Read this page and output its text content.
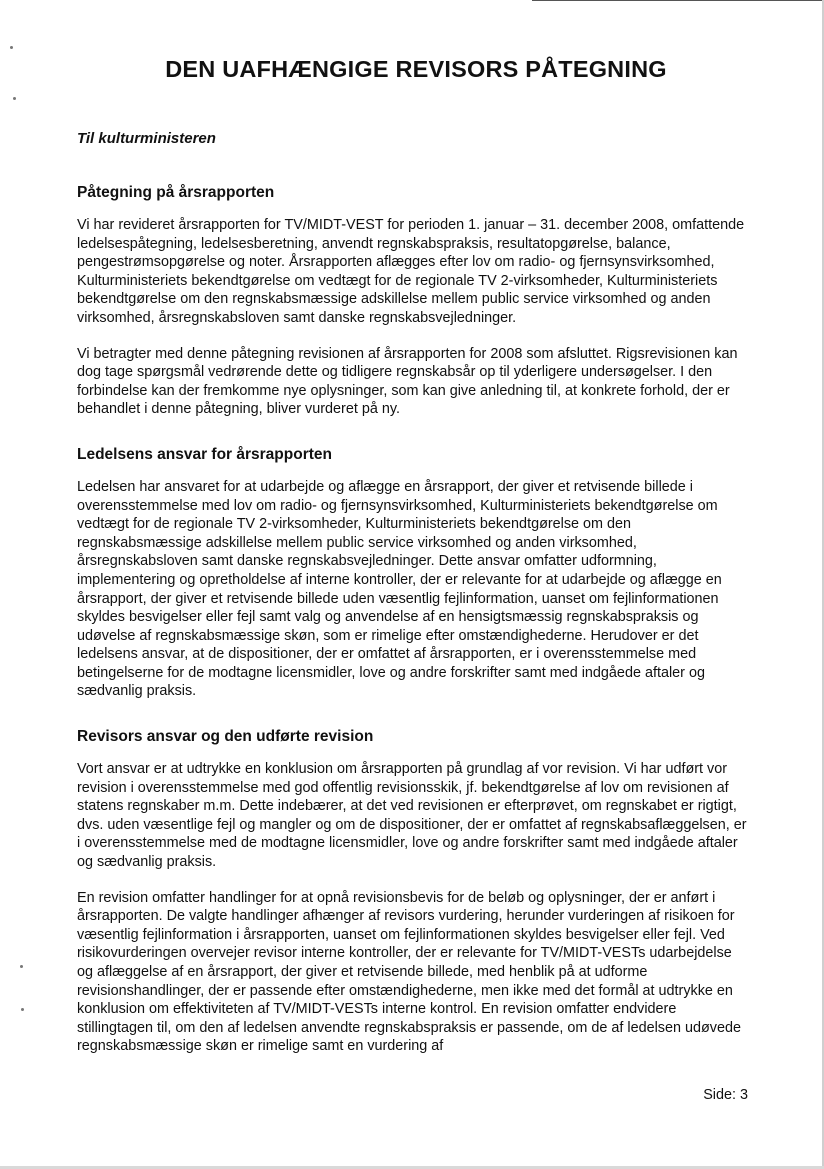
DEN UAFHÆNGIGE REVISORS PÅTEGNING

Til kulturministeren

Påtegning på årsrapporten

Vi har revideret årsrapporten for TV/MIDT-VEST for perioden 1. januar – 31. december 2008, omfattende ledelsespåtegning, ledelsesberetning, anvendt regnskabspraksis, resultatopgørelse, balance, pengestrømsopgørelse og noter. Årsrapporten aflægges efter lov om radio- og fjernsynsvirksomhed, Kulturministeriets bekendtgørelse om vedtægt for de regionale TV 2-virksomheder, Kulturministeriets bekendtgørelse om den regnskabsmæssige adskillelse mellem public service virksomhed og anden virksomhed, årsregnskabsloven samt danske regnskabsvejledninger.

Vi betragter med denne påtegning revisionen af årsrapporten for 2008 som afsluttet. Rigsrevisionen kan dog tage spørgsmål vedrørende dette og tidligere regnskabsår op til yderligere undersøgelser. I den forbindelse kan der fremkomme nye oplysninger, som kan give anledning til, at konkrete forhold, der er behandlet i denne påtegning, bliver vurderet på ny.

Ledelsens ansvar for årsrapporten

Ledelsen har ansvaret for at udarbejde og aflægge en årsrapport, der giver et retvisende billede i overensstemmelse med lov om radio- og fjernsynsvirksomhed, Kulturministeriets bekendtgørelse om vedtægt for de regionale TV 2-virksomheder, Kulturministeriets bekendtgørelse om den regnskabsmæssige adskillelse mellem public service virksomhed og anden virksomhed, årsregnskabsloven samt danske regnskabsvejledninger. Dette ansvar omfatter udformning, implementering og opretholdelse af interne kontroller, der er relevante for at udarbejde og aflægge en årsrapport, der giver et retvisende billede uden væsentlig fejlinformation, uanset om fejlinformationen skyldes besvigelser eller fejl samt valg og anvendelse af en hensigtsmæssig regnskabspraksis og udøvelse af regnskabsmæssige skøn, som er rimelige efter omstændighederne. Herudover er det ledelsens ansvar, at de dispositioner, der er omfattet af årsrapporten, er i overensstemmelse med betingelserne for de modtagne licensmidler, love og andre forskrifter samt med indgåede aftaler og sædvanlig praksis.

Revisors ansvar og den udførte revision

Vort ansvar er at udtrykke en konklusion om årsrapporten på grundlag af vor revision. Vi har udført vor revision i overensstemmelse med god offentlig revisionsskik, jf. bekendtgørelse af lov om revisionen af statens regnskaber m.m. Dette indebærer, at det ved revisionen er efterprøvet, om regnskabet er rigtigt, dvs. uden væsentlige fejl og mangler og om de dispositioner, der er omfattet af regnskabsaflæggelsen, er i overensstemmelse med de modtagne licensmidler, love og andre forskrifter samt med indgåede aftaler og sædvanlig praksis.

En revision omfatter handlinger for at opnå revisionsbevis for de beløb og oplysninger, der er anført i årsrapporten. De valgte handlinger afhænger af revisors vurdering, herunder vurderingen af risikoen for væsentlig fejlinformation i årsrapporten, uanset om fejlinformationen skyldes besvigelser eller fejl. Ved risikovurderingen overvejer revisor interne kontroller, der er relevante for TV/MIDT-VESTs udarbejdelse og aflæggelse af en årsrapport, der giver et retvisende billede, med henblik på at udforme revisionshandlinger, der er passende efter omstændighederne, men ikke med det formål at udtrykke en konklusion om effektiviteten af TV/MIDT-VESTs interne kontrol. En revision omfatter endvidere stillingtagen til, om den af ledelsen anvendte regnskabspraksis er passende, om de af ledelsen udøvede regnskabsmæssige skøn er rimelige samt en vurdering af

Side: 3
